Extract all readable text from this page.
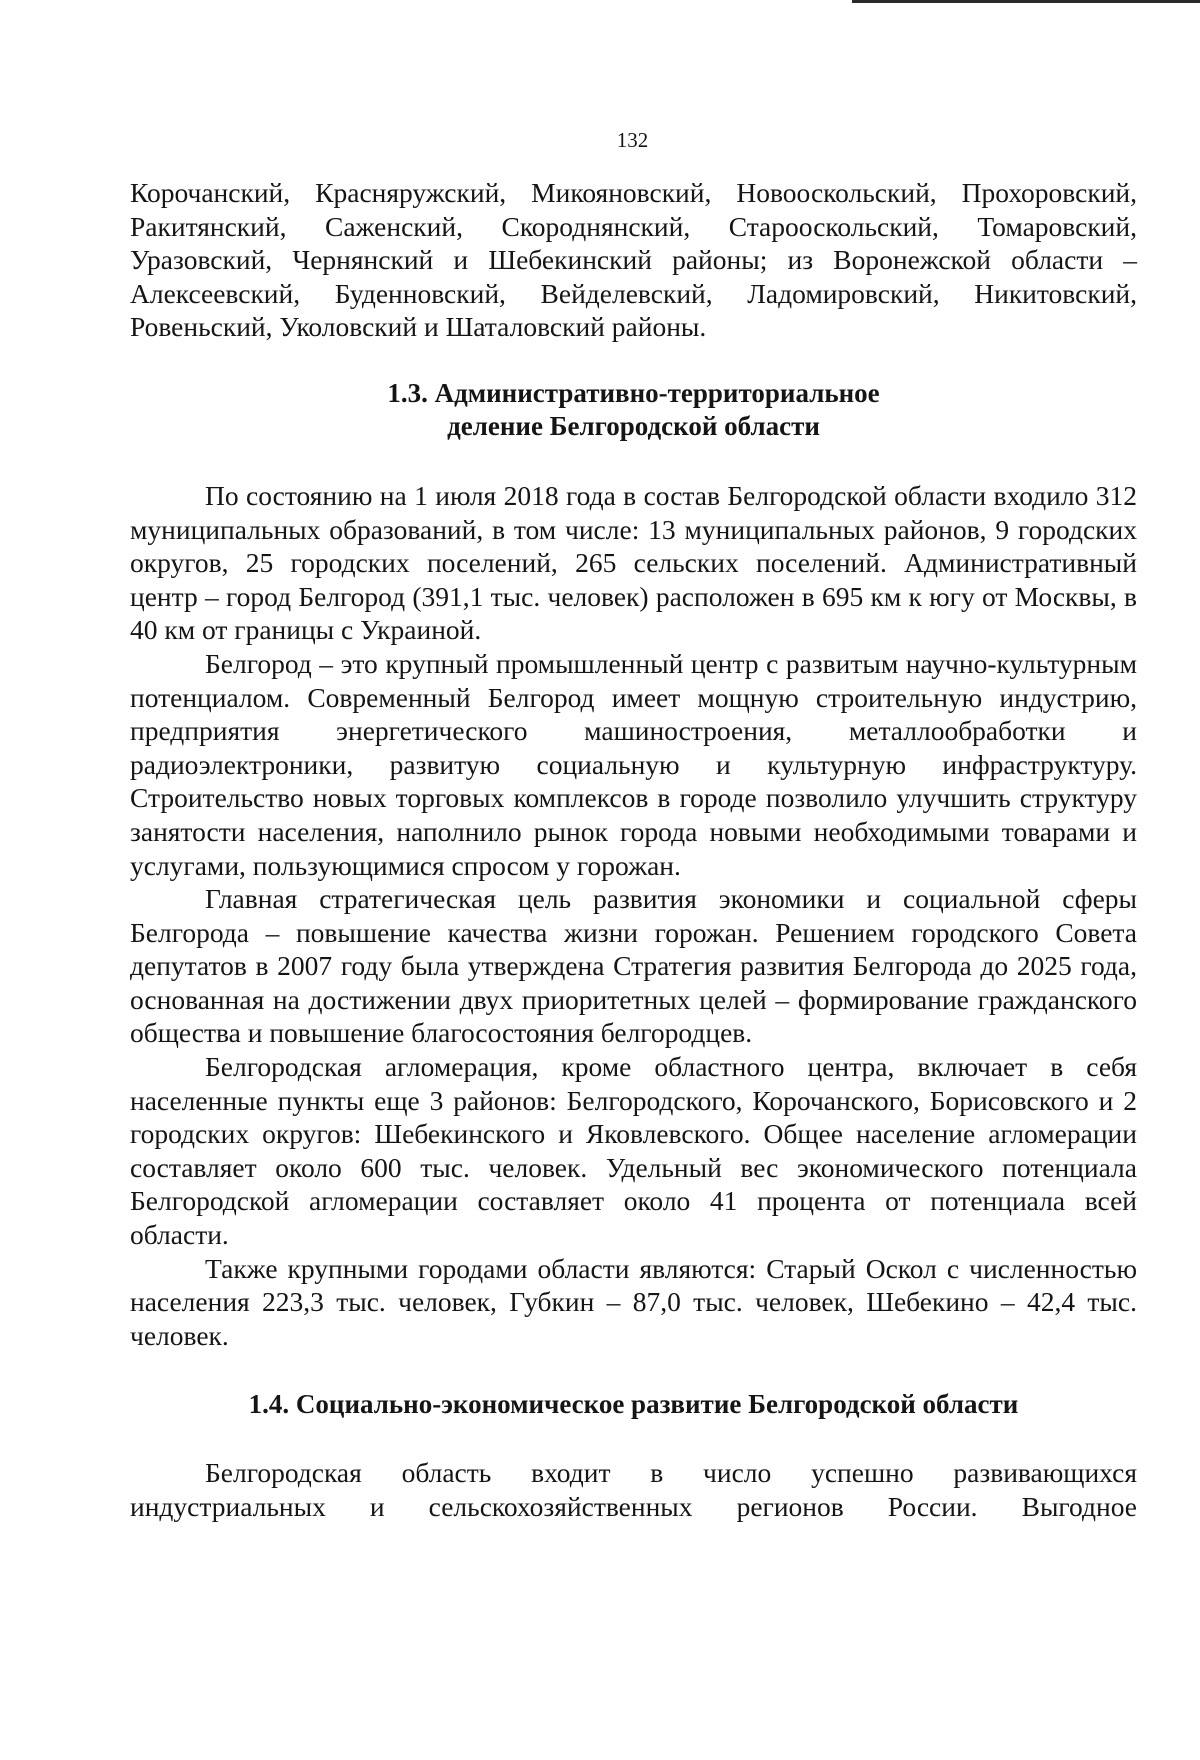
132

Корочанский, Красняружский, Микояновский, Новооскольский, Прохоровский, Ракитянский, Саженский, Скороднянский, Старооскольский, Томаровский, Уразовский, Чернянский и Шебекинский районы; из Воронежской области – Алексеевский, Буденновский, Вейделевский, Ладомировский, Никитовский, Ровеньский, Уколовский и Шаталовский районы.

1.3. Административно-территориальное
деление Белгородской области

По состоянию на 1 июля 2018 года в состав Белгородской области входило 312 муниципальных образований, в том числе: 13 муниципальных районов, 9 городских округов, 25 городских поселений, 265 сельских поселений. Административный центр – город Белгород (391,1 тыс. человек) расположен в 695 км к югу от Москвы, в 40 км от границы с Украиной.

Белгород – это крупный промышленный центр с развитым научно-культурным потенциалом. Современный Белгород имеет мощную строительную индустрию, предприятия энергетического машиностроения, металлообработки и радиоэлектроники, развитую социальную и культурную инфраструктуру. Строительство новых торговых комплексов в городе позволило улучшить структуру занятости населения, наполнило рынок города новыми необходимыми товарами и услугами, пользующимися спросом у горожан.

Главная стратегическая цель развития экономики и социальной сферы Белгорода – повышение качества жизни горожан. Решением городского Совета депутатов в 2007 году была утверждена Стратегия развития Белгорода до 2025 года, основанная на достижении двух приоритетных целей – формирование гражданского общества и повышение благосостояния белгородцев.

Белгородская агломерация, кроме областного центра, включает в себя населенные пункты еще 3 районов: Белгородского, Корочанского, Борисовского и 2 городских округов: Шебекинского и Яковлевского. Общее население агломерации составляет около 600 тыс. человек. Удельный вес экономического потенциала Белгородской агломерации составляет около 41 процента от потенциала всей области.

Также крупными городами области являются: Старый Оскол с численностью населения 223,3 тыс. человек, Губкин – 87,0 тыс. человек, Шебекино – 42,4 тыс. человек.

1.4. Социально-экономическое развитие Белгородской области

Белгородская область входит в число успешно развивающихся индустриальных и сельскохозяйственных регионов России. Выгодное
